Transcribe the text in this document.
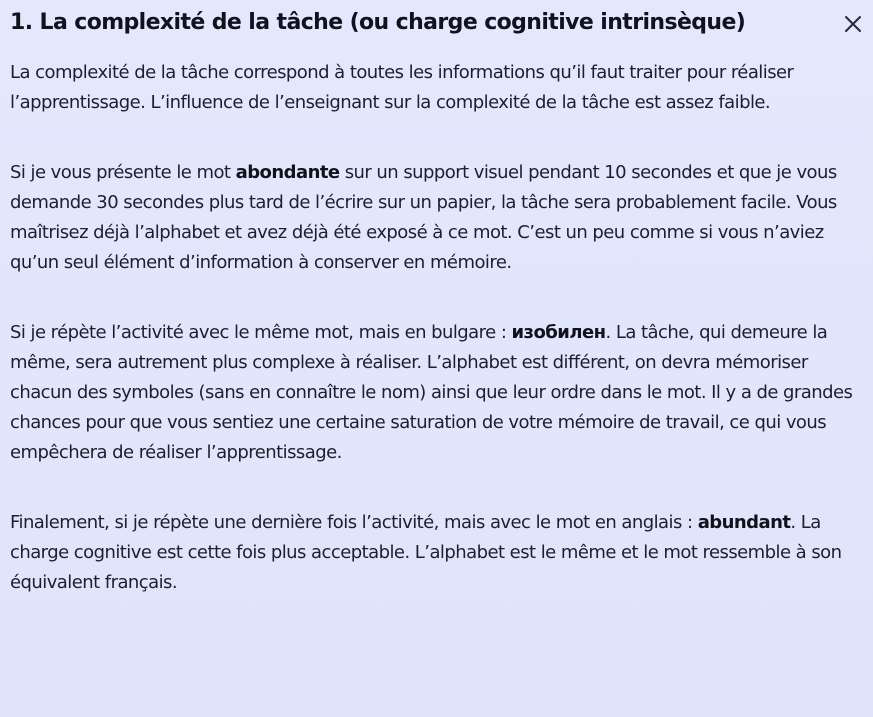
1. La complexité de la tâche (ou charge cognitive intrinsèque)

La complexité de la tâche correspond à toutes les informations qu’il faut traiter pour réaliser l’apprentissage. L’influence de l’enseignant sur la complexité de la tâche est assez faible.

Si je vous présente le mot abondante sur un support visuel pendant 10 secondes et que je vous demande 30 secondes plus tard de l’écrire sur un papier, la tâche sera probablement facile. Vous maîtrisez déjà l’alphabet et avez déjà été exposé à ce mot. C’est un peu comme si vous n’aviez qu’un seul élément d’information à conserver en mémoire.

Si je répète l’activité avec le même mot, mais en bulgare : изобилен. La tâche, qui demeure la même, sera autrement plus complexe à réaliser. L’alphabet est différent, on devra mémoriser chacun des symboles (sans en connaître le nom) ainsi que leur ordre dans le mot. Il y a de grandes chances pour que vous sentiez une certaine saturation de votre mémoire de travail, ce qui vous empêchera de réaliser l’apprentissage.

Finalement, si je répète une dernière fois l’activité, mais avec le mot en anglais : abundant. La charge cognitive est cette fois plus acceptable. L’alphabet est le même et le mot ressemble à son équivalent français.
